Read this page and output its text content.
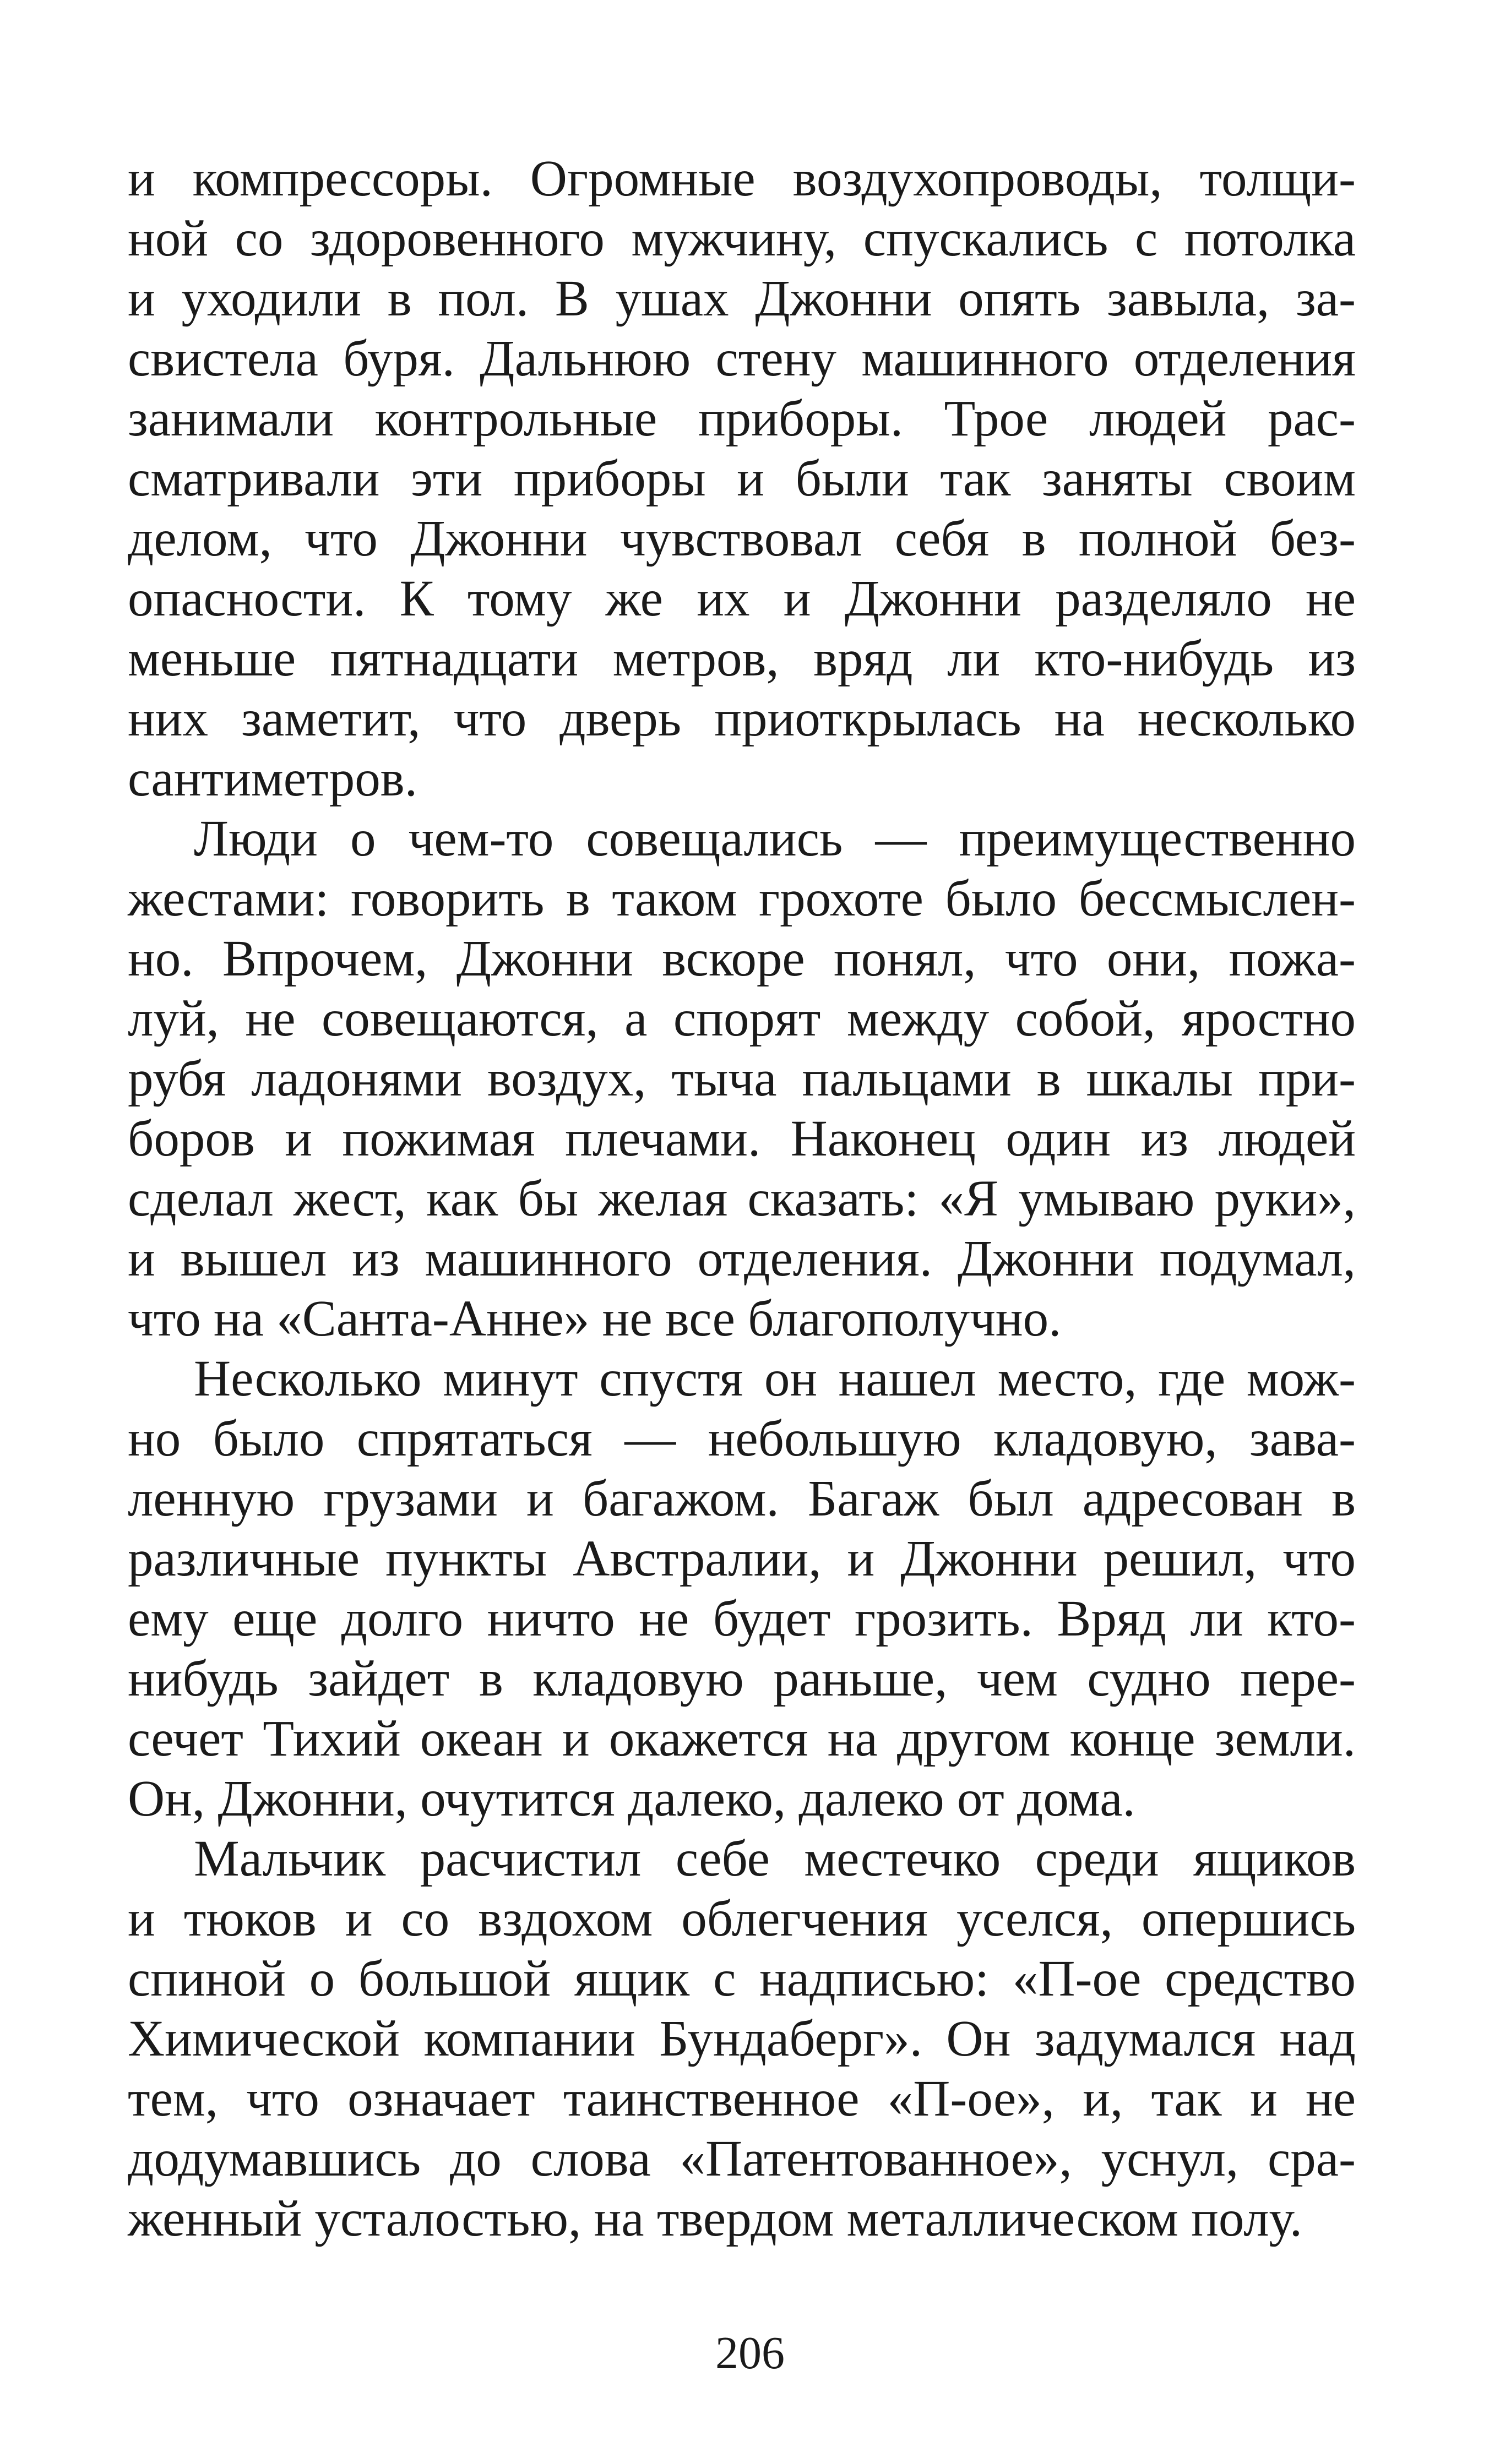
и компрессоры. Огромные воздухопроводы, толщи-
ной со здоровенного мужчину, спускались с потолка
и уходили в пол. В ушах Джонни опять завыла, за-
свистела буря. Дальнюю стену машинного отделения
занимали контрольные приборы. Трое людей рас-
сматривали эти приборы и были так заняты своим
делом, что Джонни чувствовал себя в полной без-
опасности. К тому же их и Джонни разделяло не
меньше пятнадцати метров, вряд ли кто-нибудь из
них заметит, что дверь приоткрылась на несколько
сантиметров.
Люди о чем-то совещались — преимущественно
жестами: говорить в таком грохоте было бессмыслен-
но. Впрочем, Джонни вскоре понял, что они, пожа-
луй, не совещаются, а спорят между собой, яростно
рубя ладонями воздух, тыча пальцами в шкалы при-
боров и пожимая плечами. Наконец один из людей
сделал жест, как бы желая сказать: «Я умываю руки»,
и вышел из машинного отделения. Джонни подумал,
что на «Санта-Анне» не все благополучно.
Несколько минут спустя он нашел место, где мож-
но было спрятаться — небольшую кладовую, зава-
ленную грузами и багажом. Багаж был адресован в
различные пункты Австралии, и Джонни решил, что
ему еще долго ничто не будет грозить. Вряд ли кто-
нибудь зайдет в кладовую раньше, чем судно пере-
сечет Тихий океан и окажется на другом конце земли.
Он, Джонни, очутится далеко, далеко от дома.
Мальчик расчистил себе местечко среди ящиков
и тюков и со вздохом облегчения уселся, опершись
спиной о большой ящик с надписью: «П-ое средство
Химической компании Бундаберг». Он задумался над
тем, что означает таинственное «П-ое», и, так и не
додумавшись до слова «Патентованное», уснул, сра-
женный усталостью, на твердом металлическом полу.
206
